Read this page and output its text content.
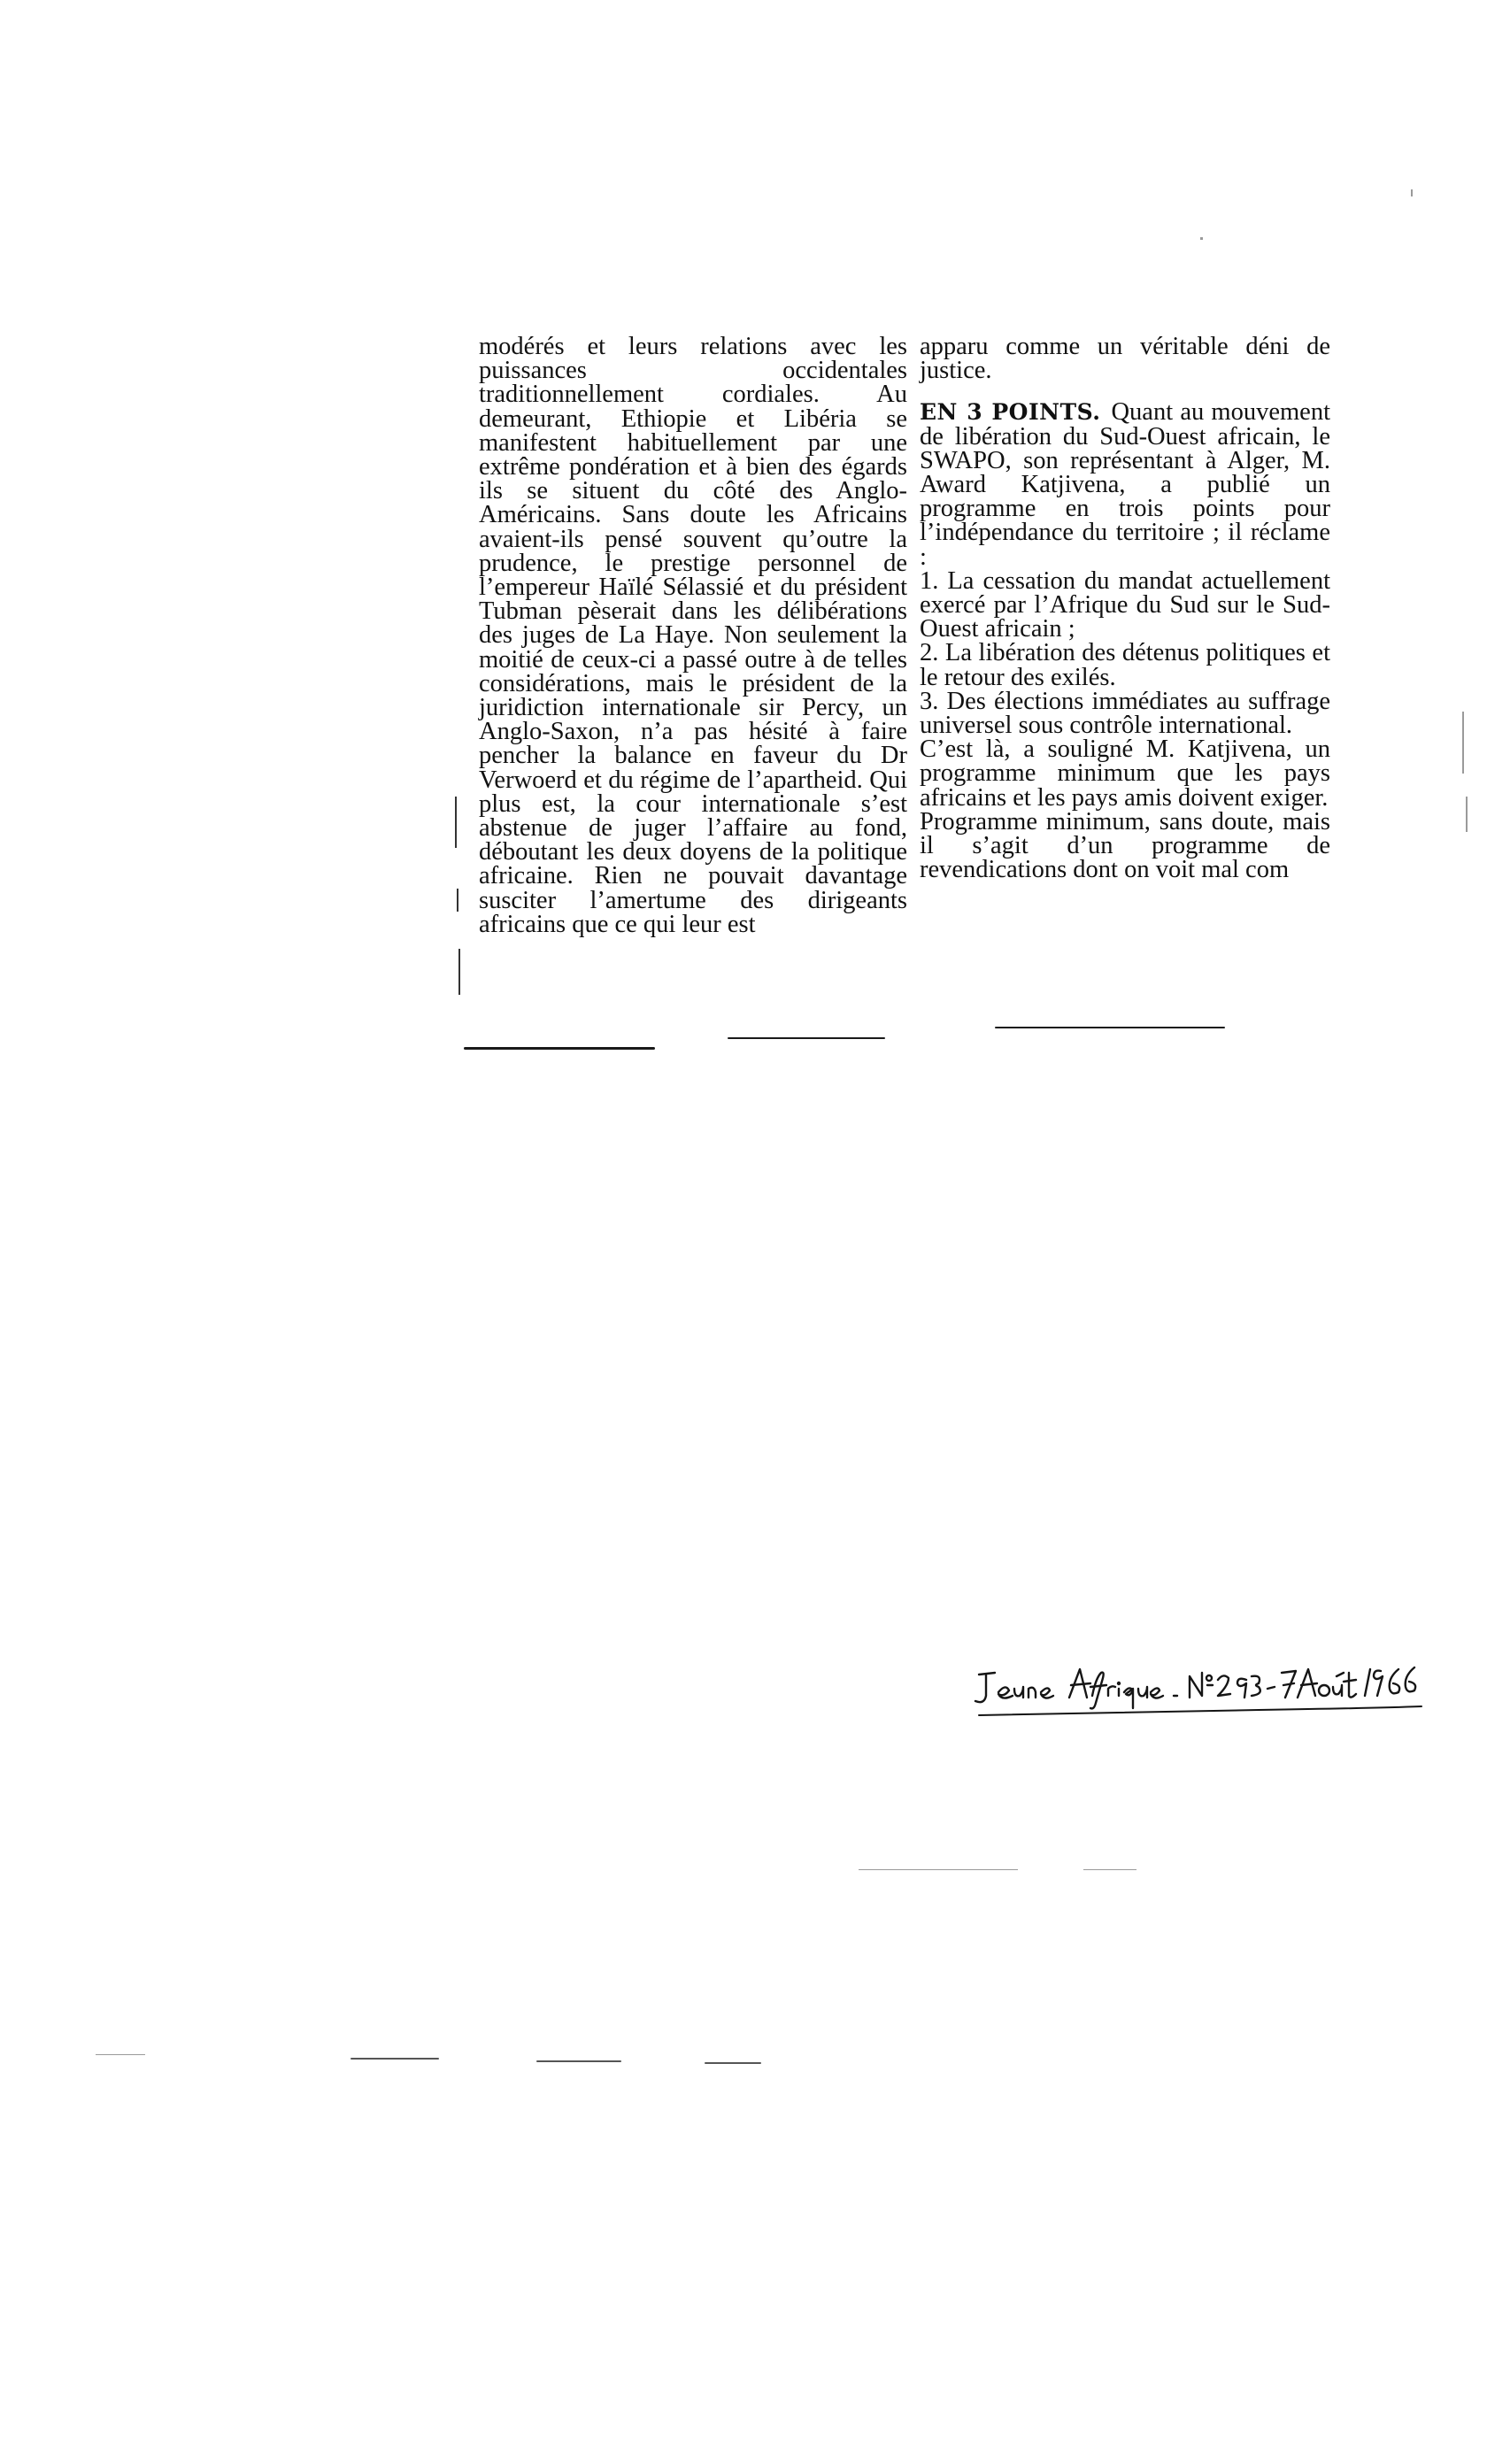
modérés et leurs relations avec les puissances occidentales traditionnellement cordiales. Au demeurant, Ethiopie et Libéria se manifestent habituellement par une extrême pondération et à bien des égards ils se situent du côté des Anglo-Américains. Sans doute les Africains avaient-ils pensé souvent qu’outre la prudence, le prestige personnel de l’empereur Haïlé Sélassié et du président Tubman pèserait dans les délibérations des juges de La Haye. Non seulement la moitié de ceux-ci a passé outre à de telles considérations, mais le président de la juridiction internationale sir Percy, un Anglo-Saxon, n’a pas hésité à faire pencher la balance en faveur du Dr Verwoerd et du régime de l’apartheid. Qui plus est, la cour internationale s’est abstenue de juger l’affaire au fond, déboutant les deux doyens de la politique africaine. Rien ne pouvait davantage susciter l’amertume des dirigeants africains que ce qui leur est

apparu comme un véritable déni de justice.

EN 3 POINTS. Quant au mouvement de libération du Sud-Ouest africain, le SWAPO, son représentant à Alger, M. Award Katjivena, a publié un programme en trois points pour l’indépendance du territoire ; il réclame :

1. La cessation du mandat actuellement exercé par l’Afrique du Sud sur le Sud-Ouest africain ;

2. La libération des détenus politiques et le retour des exilés.

3. Des élections immédiates au suffrage universel sous contrôle international.

C’est là, a souligné M. Katjivena, un programme minimum que les pays africains et les pays amis doivent exiger.

Programme minimum, sans doute, mais il s’agit d’un programme de revendications dont on voit mal com
